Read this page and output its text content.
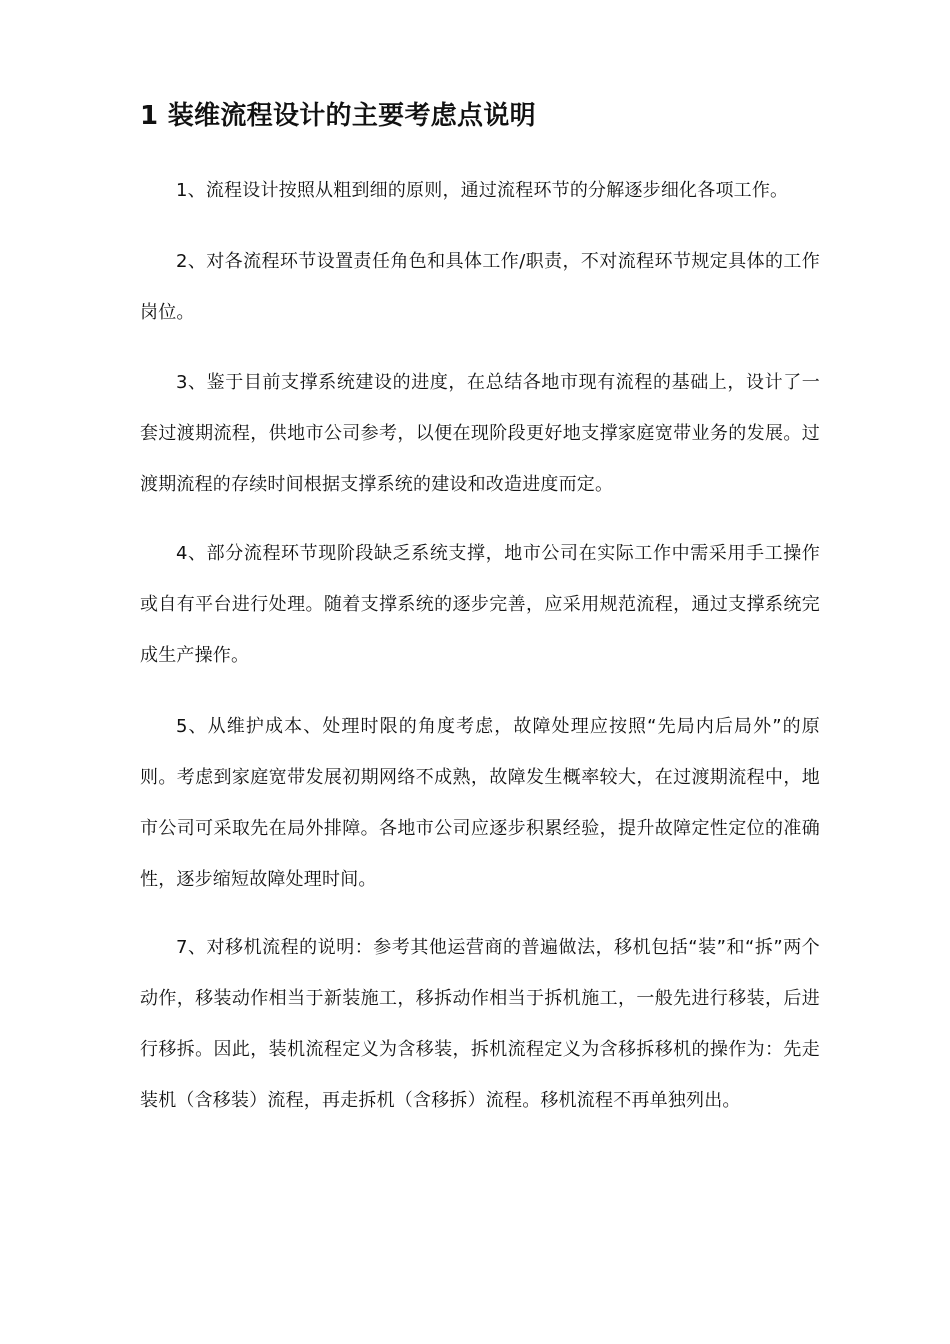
1 装维流程设计的主要考虑点说明

1、流程设计按照从粗到细的原则，通过流程环节的分解逐步细化各项工作。

2、对各流程环节设置责任角色和具体工作/职责，不对流程环节规定具体的工作岗位。

3、鉴于目前支撑系统建设的进度，在总结各地市现有流程的基础上，设计了一套过渡期流程，供地市公司参考，以便在现阶段更好地支撑家庭宽带业务的发展。过渡期流程的存续时间根据支撑系统的建设和改造进度而定。

4、部分流程环节现阶段缺乏系统支撑，地市公司在实际工作中需采用手工操作或自有平台进行处理。随着支撑系统的逐步完善，应采用规范流程，通过支撑系统完成生产操作。

5、从维护成本、处理时限的角度考虑，故障处理应按照“先局内后局外”的原则。考虑到家庭宽带发展初期网络不成熟，故障发生概率较大，在过渡期流程中，地市公司可采取先在局外排障。各地市公司应逐步积累经验，提升故障定性定位的准确性，逐步缩短故障处理时间。

7、对移机流程的说明：参考其他运营商的普遍做法，移机包括“装”和“拆”两个动作，移装动作相当于新装施工，移拆动作相当于拆机施工，一般先进行移装，后进行移拆。因此，装机流程定义为含移装，拆机流程定义为含移拆移机的操作为：先走装机（含移装）流程，再走拆机（含移拆）流程。移机流程不再单独列出。
